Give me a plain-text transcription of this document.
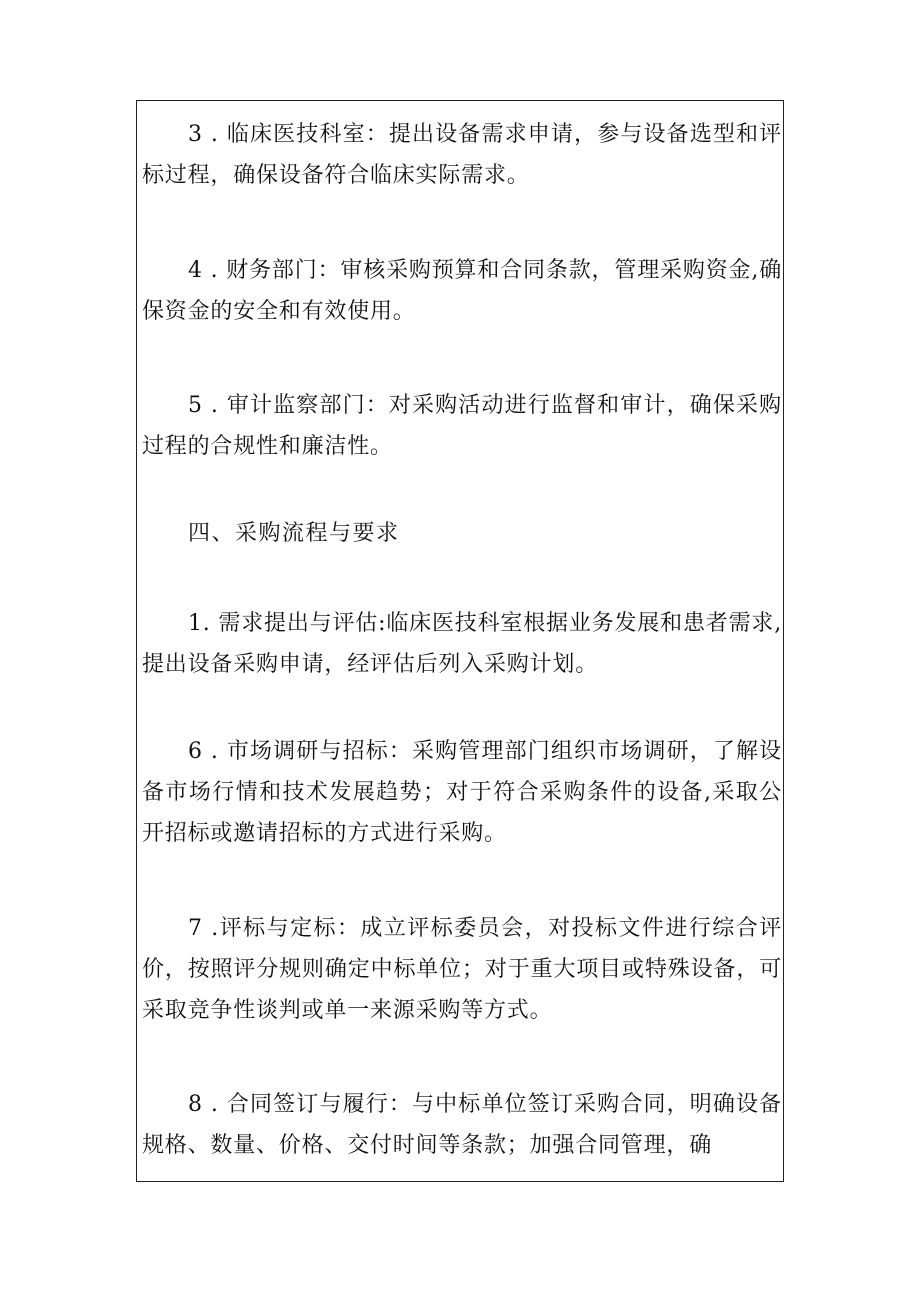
3 . 临床医技科室：提出设备需求申请，参与设备选型和评标过程，确保设备符合临床实际需求。

4 . 财务部门：审核采购预算和合同条款，管理采购资金,确保资金的安全和有效使用。

5 . 审计监察部门：对采购活动进行监督和审计，确保采购过程的合规性和廉洁性。

四、采购流程与要求

1. 需求提出与评估:临床医技科室根据业务发展和患者需求,提出设备采购申请，经评估后列入采购计划。

6 . 市场调研与招标：采购管理部门组织市场调研，了解设备市场行情和技术发展趋势；对于符合采购条件的设备,采取公开招标或邀请招标的方式进行采购。

7 .评标与定标：成立评标委员会，对投标文件进行综合评价，按照评分规则确定中标单位；对于重大项目或特殊设备，可采取竞争性谈判或单一来源采购等方式。

8 . 合同签订与履行：与中标单位签订采购合同，明确设备规格、数量、价格、交付时间等条款；加强合同管理，确
